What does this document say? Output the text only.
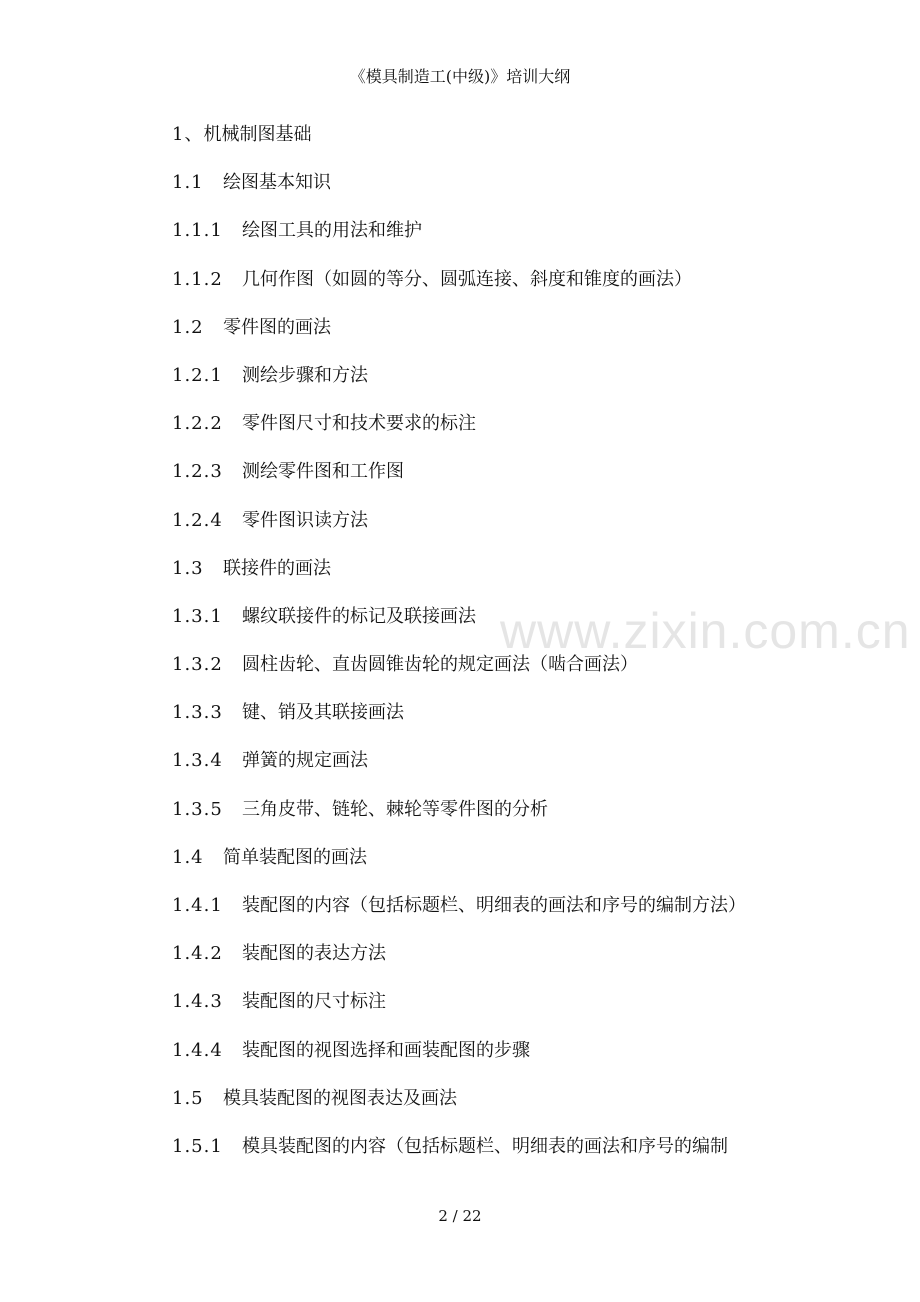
《模具制造工(中级)》培训大纲
1、 机械制图基础
1.1	绘图基本知识
1.1.1	绘图工具的用法和维护
1.1.2	几何作图（如圆的等分、圆弧连接、斜度和锥度的画法）
1.2	零件图的画法
1.2.1	测绘步骤和方法
1.2.2	零件图尺寸和技术要求的标注
1.2.3	测绘零件图和工作图
1.2.4	零件图识读方法
1.3	联接件的画法
1.3.1	螺纹联接件的标记及联接画法
1.3.2	圆柱齿轮、直齿圆锥齿轮的规定画法（啮合画法）
1.3.3	键、销及其联接画法
1.3.4	弹簧的规定画法
1.3.5	三角皮带、链轮、棘轮等零件图的分析
1.4	简单装配图的画法
1.4.1	装配图的内容（包括标题栏、明细表的画法和序号的编制方法）
1.4.2	装配图的表达方法
1.4.3	装配图的尺寸标注
1.4.4	装配图的视图选择和画装配图的步骤
1.5	模具装配图的视图表达及画法
1.5.1	模具装配图的内容（包括标题栏、明细表的画法和序号的编制
www.zixin.com.cn
2 / 22
